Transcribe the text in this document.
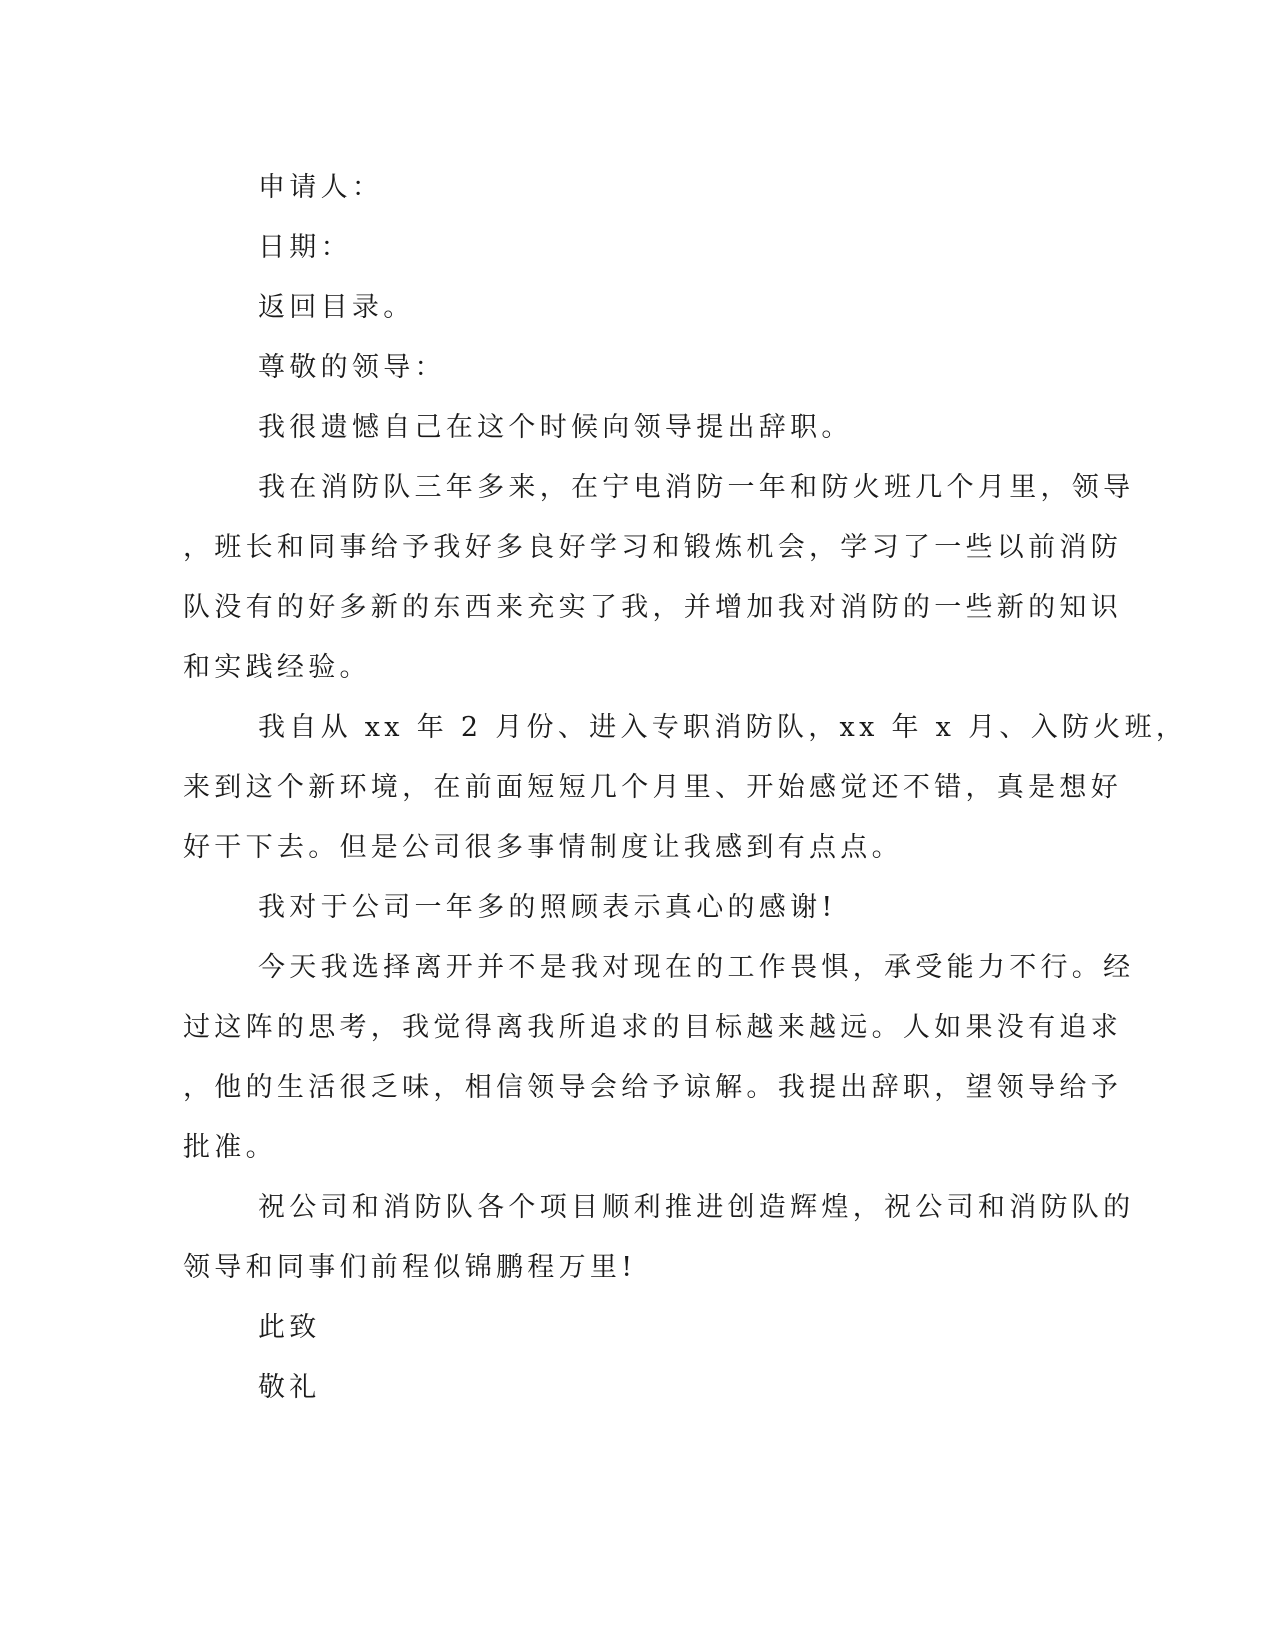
申请人：

日期：

返回目录。

尊敬的领导：

我很遗憾自己在这个时候向领导提出辞职。
我在消防队三年多来，在宁电消防一年和防火班几个月里，领导
，班长和同事给予我好多良好学习和锻炼机会，学习了一些以前消防
队没有的好多新的东西来充实了我，并增加我对消防的一些新的知识
和实践经验。
我自从 xx 年 2 月份、进入专职消防队，xx 年 x 月、入防火班，
来到这个新环境，在前面短短几个月里、开始感觉还不错，真是想好
好干下去。但是公司很多事情制度让我感到有点点。
我对于公司一年多的照顾表示真心的感谢!
今天我选择离开并不是我对现在的工作畏惧，承受能力不行。经
过这阵的思考，我觉得离我所追求的目标越来越远。人如果没有追求
，他的生活很乏味，相信领导会给予谅解。我提出辞职，望领导给予
批准。
祝公司和消防队各个项目顺利推进创造辉煌，祝公司和消防队的
领导和同事们前程似锦鹏程万里!

此致

敬礼
